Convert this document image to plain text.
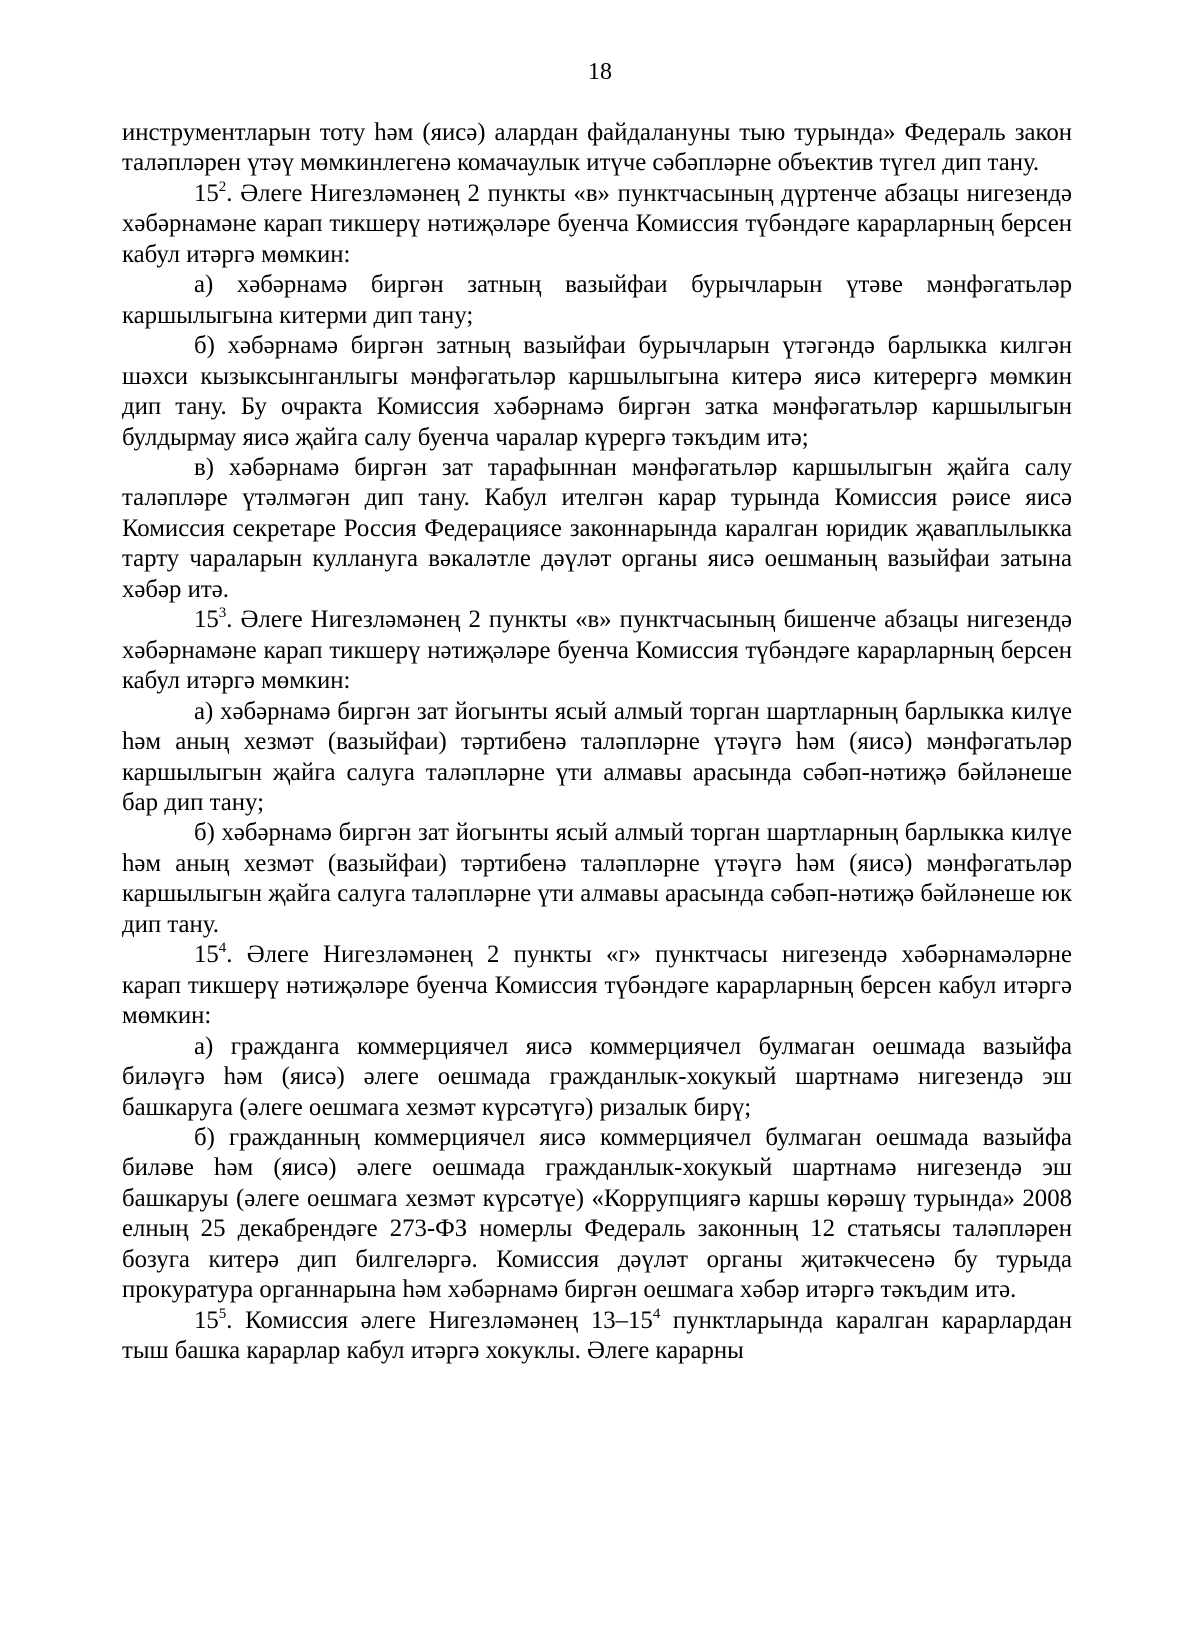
18

инструментларын тоту һәм (яисә) алардан файдалануны тыю турында» Федераль закон таләпләрен үтәү мөмкинлегенә комачаулык итүче сәбәпләрне объектив түгел дип тану.

$15^2$. Әлеге Нигезләмәнең 2 пункты «в» пунктчасының дүртенче абзацы нигезендә хәбәрнамәне карап тикшерү нәтиҗәләре буенча Комиссия түбәндәге карарларның берсен кабул итәргә мөмкин:

а) хәбәрнамә биргән затның вазыйфаи бурычларын үтәве мәнфәгатьләр каршылыгына китерми дип тану;

б) хәбәрнамә биргән затның вазыйфаи бурычларын үтәгәндә барлыкка килгән шәхси кызыксынганлыгы мәнфәгатьләр каршылыгына китерә яисә китерергә мөмкин дип тану. Бу очракта Комиссия хәбәрнамә биргән затка мәнфәгатьләр каршылыгын булдырмау яисә җайга салу буенча чаралар күрергә тәкъдим итә;

в) хәбәрнамә биргән зат тарафыннан мәнфәгатьләр каршылыгын җайга салу таләпләре үтәлмәгән дип тану. Кабул ителгән карар турында Комиссия рәисе яисә Комиссия секретаре Россия Федерациясе законнарында каралган юридик җаваплылыкка тарту чараларын куллануга вәкаләтле дәүләт органы яисә оешманың вазыйфаи затына хәбәр итә.

$15^3$. Әлеге Нигезләмәнең 2 пункты «в» пунктчасының бишенче абзацы нигезендә хәбәрнамәне карап тикшерү нәтиҗәләре буенча Комиссия түбәндәге карарларның берсен кабул итәргә мөмкин:

а) хәбәрнамә биргән зат йогынты ясый алмый торган шартларның барлыкка килүе һәм аның хезмәт (вазыйфаи) тәртибенә таләпләрне үтәүгә һәм (яисә) мәнфәгатьләр каршылыгын җайга салуга таләпләрне үти алмавы арасында сәбәп-нәтиҗә бәйләнеше бар дип тану;

б) хәбәрнамә биргән зат йогынты ясый алмый торган шартларның барлыкка килүе һәм аның хезмәт (вазыйфаи) тәртибенә таләпләрне үтәүгә һәм (яисә) мәнфәгатьләр каршылыгын җайга салуга таләпләрне үти алмавы арасында сәбәп-нәтиҗә бәйләнеше юк дип тану.

$15^4$. Әлеге Нигезләмәнең 2 пункты «г» пунктчасы нигезендә хәбәрнамәләрне карап тикшерү нәтиҗәләре буенча Комиссия түбәндәге карарларның берсен кабул итәргә мөмкин:

а) гражданга коммерциячел яисә коммерциячел булмаган оешмада вазыйфа биләүгә һәм (яисә) әлеге оешмада гражданлык-хокукый шартнамә нигезендә эш башкаруга (әлеге оешмага хезмәт күрсәтүгә) ризалык бирү;

б) гражданның коммерциячел яисә коммерциячел булмаган оешмада вазыйфа биләве һәм (яисә) әлеге оешмада гражданлык-хокукый шартнамә нигезендә эш башкаруы (әлеге оешмага хезмәт күрсәтүе) «Коррупциягә каршы көрәшү турында» 2008 елның 25 декабрендәге 273-ФЗ номерлы Федераль законның 12 статьясы таләпләрен бозуга китерә дип билгеләргә. Комиссия дәүләт органы җитәкчесенә бу турыда прокуратура органнарына һәм хәбәрнамә биргән оешмага хәбәр итәргә тәкъдим итә.

$15^5$. Комиссия әлеге Нигезләмәнең $13-15^4$ пунктларында каралган карарлардан тыш башка карарлар кабул итәргә хокуклы. Әлеге карарны
